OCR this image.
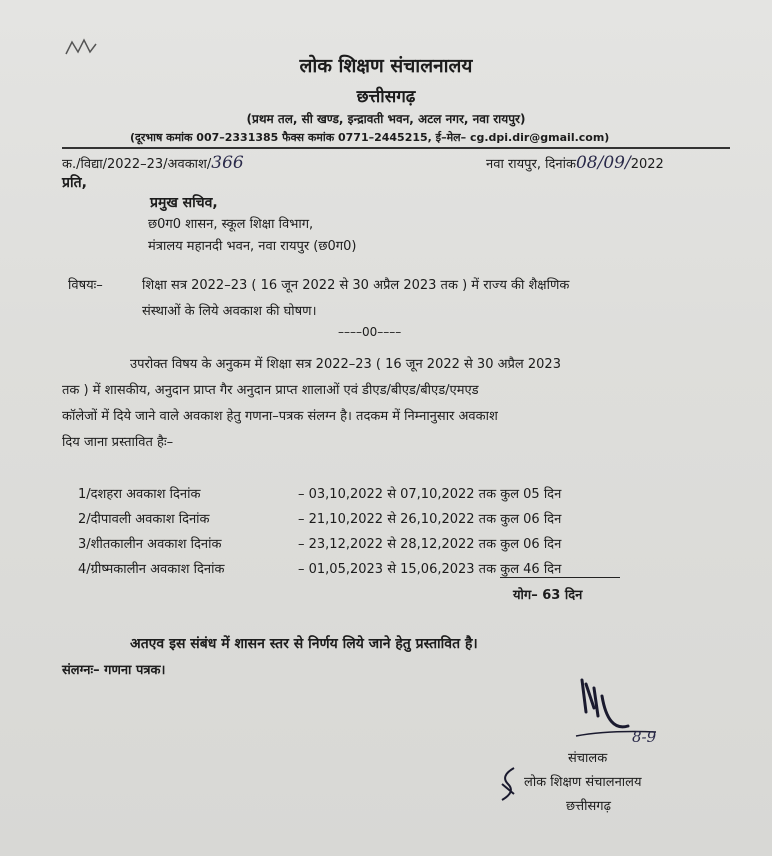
लोक शिक्षण संचालनालय
छत्तीसगढ़
(प्रथम तल, सी खण्ड, इन्द्रावती भवन, अटल नगर, नवा रायपुर)
(दूरभाष कमांक 007–2331385 फैक्स कमांक 0771–2445215, ई–मेल– cg.dpi.dir@gmail.com)
क./विद्या/2022–23/अवकाश/366	नवा रायपुर, दिनांक08/09/2022
प्रति,
प्रमुख सचिव,
छ0ग0 शासन, स्कूल शिक्षा विभाग,
मंत्रालय महानदी भवन, नवा रायपुर (छ0ग0)
विषयः–	शिक्षा सत्र 2022–23 ( 16 जून 2022 से 30 अप्रैल 2023 तक ) में राज्य की शैक्षणिक
संस्थाओं के लिये अवकाश की घोषण।
––––00––––
उपरोक्त विषय के अनुकम में शिक्षा सत्र 2022–23 ( 16 जून 2022 से 30 अप्रैल 2023
तक ) में शासकीय, अनुदान प्राप्त गैर अनुदान प्राप्त शालाओं एवं डीएड/बीएड/बीएड/एमएड
कॉलेजों में दिये जाने वाले अवकाश हेतु गणना–पत्रक संलग्न है। तदकम में निम्नानुसार अवकाश
दिय जाना प्रस्तावित हैः–
1/दशहरा अवकाश दिनांक	– 03,10,2022 से 07,10,2022 तक कुल 05 दिन
2/दीपावली अवकाश दिनांक	– 21,10,2022 से 26,10,2022 तक कुल 06 दिन
3/शीतकालीन अवकाश दिनांक	– 23,12,2022 से 28,12,2022 तक कुल 06 दिन
4/ग्रीष्मकालीन अवकाश दिनांक	– 01,05,2023 से 15,06,2023 तक कुल 46 दिन
योग– 63 दिन
अतएव इस संबंध में शासन स्तर से निर्णय लिये जाने हेतु प्रस्तावित है।
संलग्नः– गणना पत्रक।
8-9
संचालक
लोक शिक्षण संचालनालय
छत्तीसगढ़
